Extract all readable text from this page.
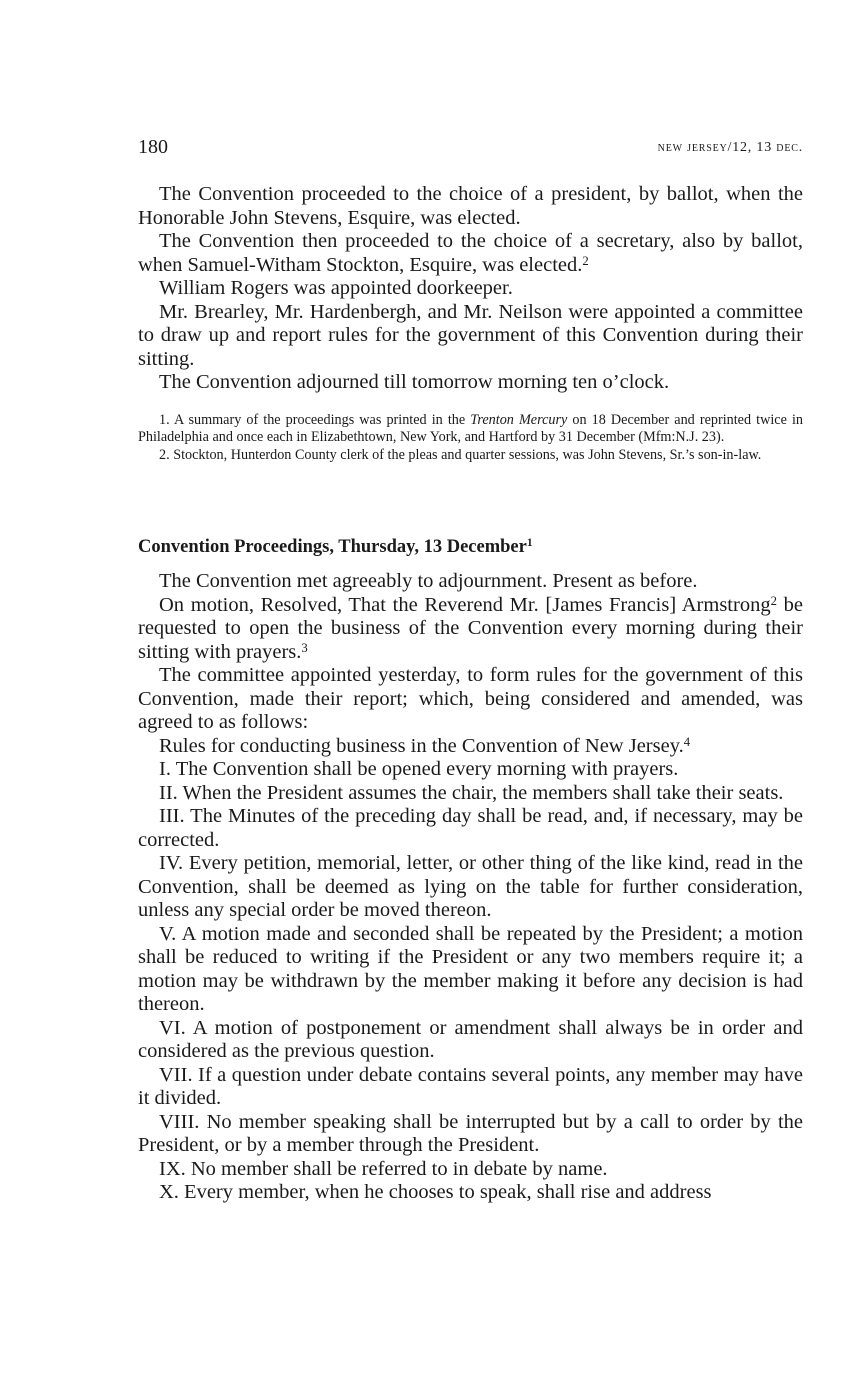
180	new jersey/12, 13 dec.

The Convention proceeded to the choice of a president, by ballot, when the Honorable John Stevens, Esquire, was elected.

The Convention then proceeded to the choice of a secretary, also by ballot, when Samuel-Witham Stockton, Esquire, was elected.$^2$

William Rogers was appointed doorkeeper.

Mr. Brearley, Mr. Hardenbergh, and Mr. Neilson were appointed a committee to draw up and report rules for the government of this Convention during their sitting.

The Convention adjourned till tomorrow morning ten o’clock.

1. A summary of the proceedings was printed in the Trenton Mercury on 18 December and reprinted twice in Philadelphia and once each in Elizabethtown, New York, and Hartford by 31 December (Mfm:N.J. 23).

2. Stockton, Hunterdon County clerk of the pleas and quarter sessions, was John Stevens, Sr.’s son-in-law.

Convention Proceedings, Thursday, 13 December$^1$

The Convention met agreeably to adjournment. Present as before.

On motion, Resolved, That the Reverend Mr. [James Francis] Armstrong$^2$ be requested to open the business of the Convention every morning during their sitting with prayers.$^3$

The committee appointed yesterday, to form rules for the government of this Convention, made their report; which, being considered and amended, was agreed to as follows:

Rules for conducting business in the Convention of New Jersey.$^4$

I. The Convention shall be opened every morning with prayers.

II. When the President assumes the chair, the members shall take their seats.

III. The Minutes of the preceding day shall be read, and, if necessary, may be corrected.

IV. Every petition, memorial, letter, or other thing of the like kind, read in the Convention, shall be deemed as lying on the table for further consideration, unless any special order be moved thereon.

V. A motion made and seconded shall be repeated by the President; a motion shall be reduced to writing if the President or any two members require it; a motion may be withdrawn by the member making it before any decision is had thereon.

VI. A motion of postponement or amendment shall always be in order and considered as the previous question.

VII. If a question under debate contains several points, any member may have it divided.

VIII. No member speaking shall be interrupted but by a call to order by the President, or by a member through the President.

IX. No member shall be referred to in debate by name.

X. Every member, when he chooses to speak, shall rise and address
